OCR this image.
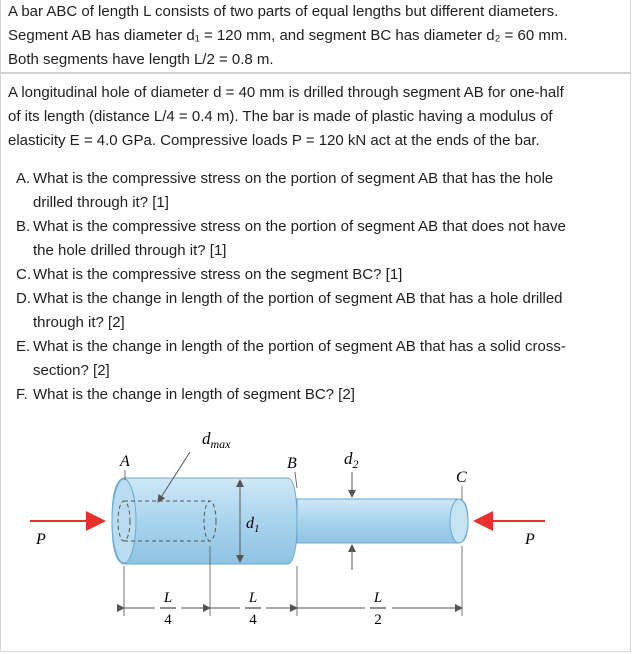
A bar ABC of length L consists of two parts of equal lengths but different diameters.
Segment AB has diameter d₁ = 120 mm, and segment BC has diameter d₂ = 60 mm.
Both segments have length L/2 = 0.8 m.
A longitudinal hole of diameter d = 40 mm is drilled through segment AB for one-half
of its length (distance L/4 = 0.4 m). The bar is made of plastic having a modulus of
elasticity E = 4.0 GPa. Compressive loads P = 120 kN act at the ends of the bar.
A. What is the compressive stress on the portion of segment AB that has the hole
drilled through it? [1]
B. What is the compressive stress on the portion of segment AB that does not have
the hole drilled through it? [1]
C. What is the compressive stress on the segment BC? [1]
D. What is the change in length of the portion of segment AB that has a hole drilled
through it? [2]
E. What is the change in length of the portion of segment AB that has a solid cross-
section? [2]
F. What is the change in length of segment BC? [2]
$d_{max}$
$d_1$
$d_2$
A	B
C
P	P
L
4
L
4
L
2
